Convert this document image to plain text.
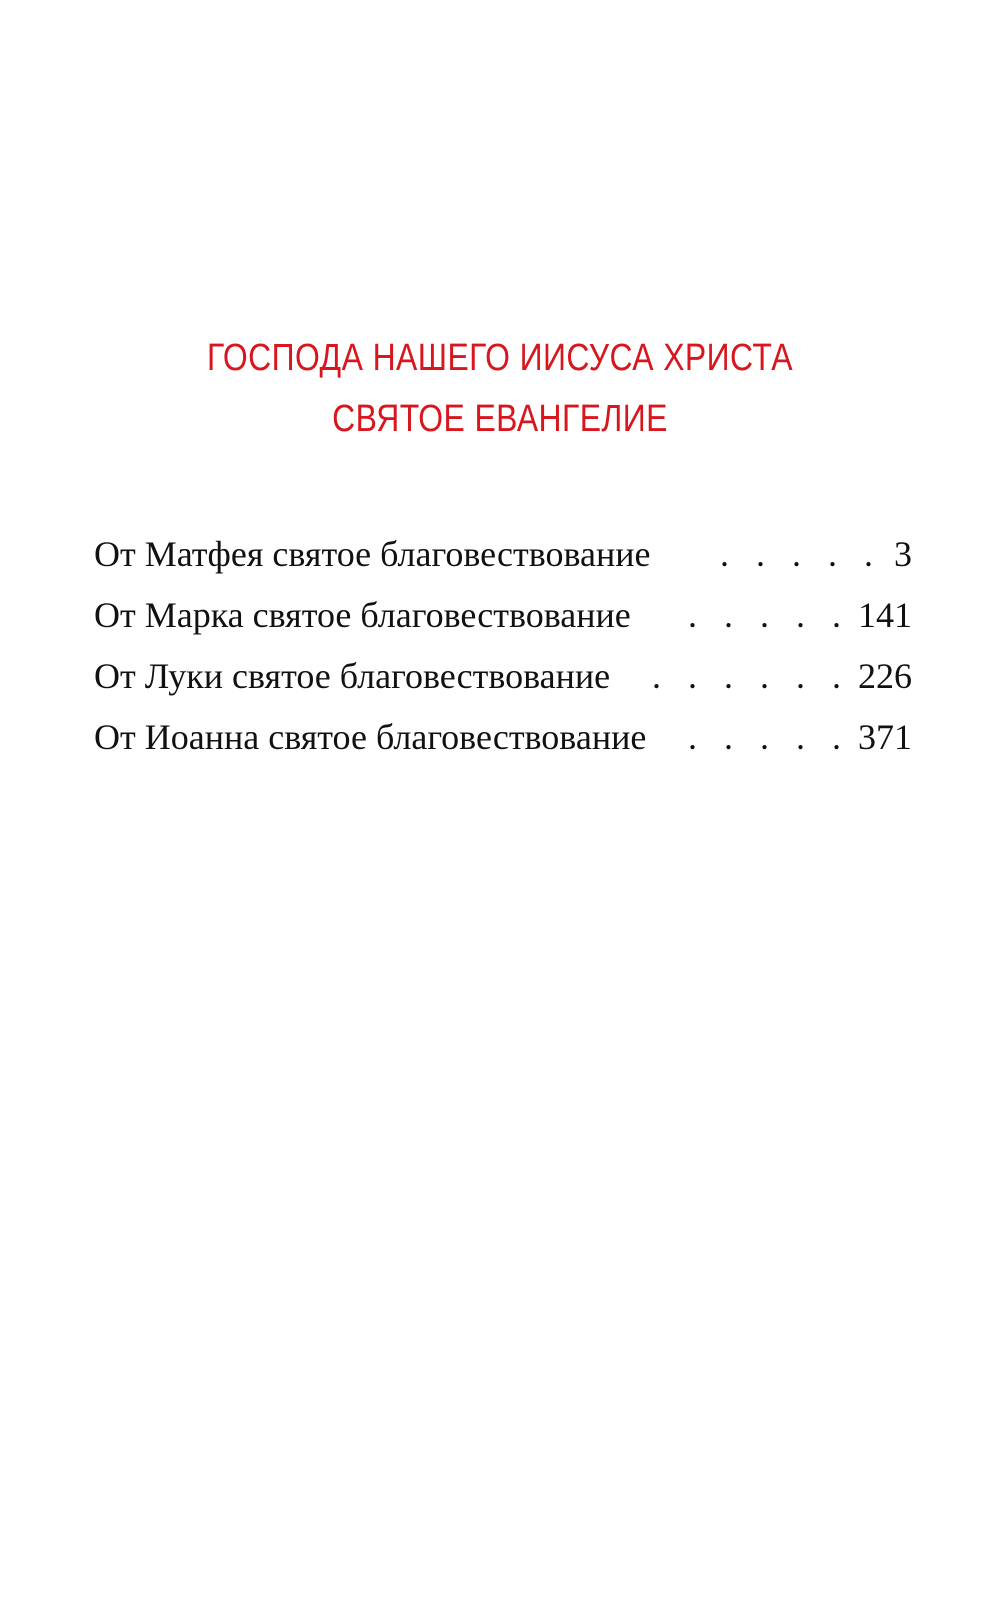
ГОСПОДА НАШЕГО ИИСУСА ХРИСТА
СВЯТОЕ ЕВАНГЕЛИЕ
От Матфея святое благовествование	. . . . . 3
От Марка святое благовествование	. . . . . 141
От Луки святое благовествование	. . . . . . 226
От Иоанна святое благовествование	. . . . . 371
